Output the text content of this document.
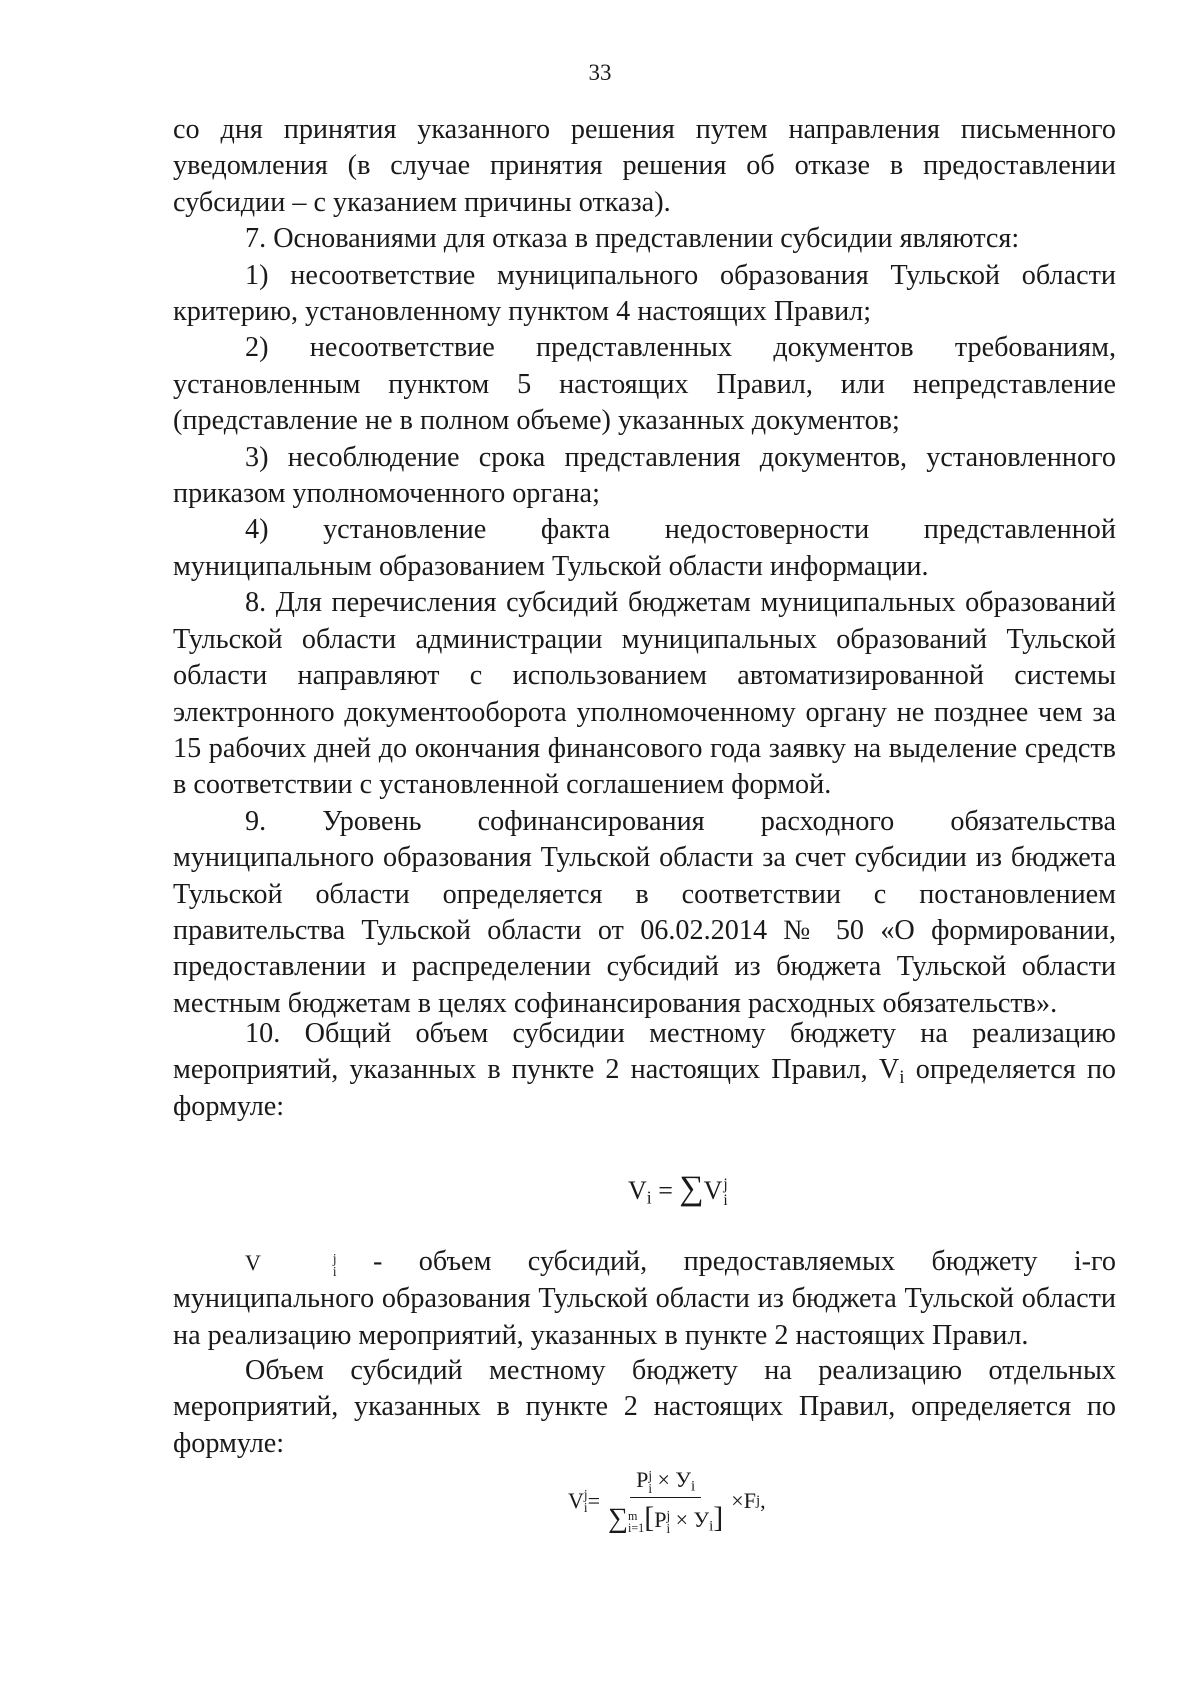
33

со дня принятия указанного решения путем направления письменного уведомления (в случае принятия решения об отказе в предоставлении субсидии – с указанием причины отказа).

7. Основаниями для отказа в представлении субсидии являются:

1) несоответствие муниципального образования Тульской области критерию, установленному пунктом 4 настоящих Правил;

2) несоответствие представленных документов требованиям, установленным пунктом 5 настоящих Правил, или непредставление (представление не в полном объеме) указанных документов;

3) несоблюдение срока представления документов, установленного приказом уполномоченного органа;

4) установление факта недостоверности представленной муниципальным образованием Тульской области информации.

8. Для перечисления субсидий бюджетам муниципальных образований Тульской области администрации муниципальных образований Тульской области направляют с использованием автоматизированной системы электронного документооборота уполномоченному органу не позднее чем за 15 рабочих дней до окончания финансового года заявку на выделение средств в соответствии с установленной соглашением формой.

9. Уровень софинансирования расходного обязательства муниципального образования Тульской области за счет субсидии из бюджета Тульской области определяется в соответствии с постановлением правительства Тульской области от 06.02.2014 № 50 «О формировании, предоставлении и распределении субсидий из бюджета Тульской области местным бюджетам в целях софинансирования расходных обязательств».

10. Общий объем субсидии местному бюджету на реализацию мероприятий, указанных в пункте 2 настоящих Правил, $V_i$ определяется по формуле:

$V_i = \sum V$ j
i

V	j
i - объем субсидий, предоставляемых бюджету i-го муниципального образования Тульской области из бюджета Тульской области на реализацию мероприятий, указанных в пункте 2 настоящих Правил.

Объем субсидий местному бюджету на реализацию отдельных мероприятий, указанных в пункте 2 настоящих Правил, определяется по формуле:

V j
i = P j
$i \times У_i$
∑ m
i=1 [P j
$i \times У_i] \times F$ j ,
